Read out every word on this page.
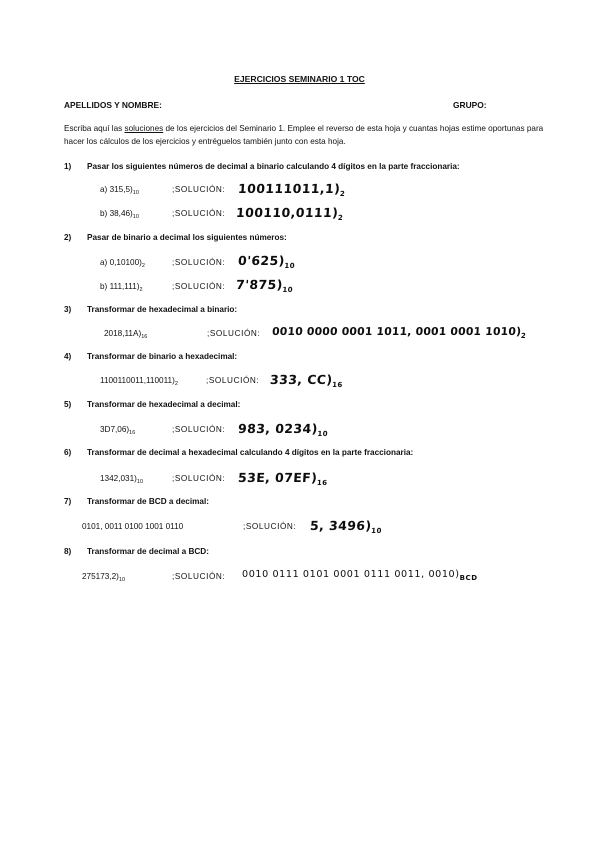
EJERCICIOS SEMINARIO 1 TOC
APELLIDOS Y NOMBRE:	GRUPO:
Escriba aquí las soluciones de los ejercicios del Seminario 1. Emplee el reverso de esta hoja y cuantas hojas estime oportunas para hacer los cálculos de los ejercicios y entréguelos también junto con esta hoja.
1) Pasar los siguientes números de decimal a binario calculando 4 dígitos en la parte fraccionaria:
a) $315,5)_{10}$	;SOLUCIÓN: $100111011,1)_2$
b) $38,46)_{10}$	;SOLUCIÓN: $100110,0111)_2$
2) Pasar de binario a decimal los siguientes números:
a) $0,10100)_2$	;SOLUCIÓN: $0'625)_{10}$
b) $111,111)_2$	;SOLUCIÓN: $7'875)_{10}$
3) Transformar de hexadecimal a binario:
$2018,11A)_{16}$	;SOLUCIÓN: 0010 0000 0001 1011, 0001 0001 $1010)_2$
4) Transformar de binario a hexadecimal:
$1100110011,110011)_2$	;SOLUCIÓN: 333, $CC)_{16}$
5) Transformar de hexadecimal a decimal:
$3D7,06)_{16}$	;SOLUCIÓN: 983, $0234)_{10}$
6) Transformar de decimal a hexadecimal calculando 4 dígitos en la parte fraccionaria:
$1342,031)_{10}$	;SOLUCIÓN: 53E, $07EF)_{16}$
7) Transformar de BCD a decimal:
0101, 0011 0100 1001 0110	;SOLUCIÓN: 5, $3496)_{10}$
8) Transformar de decimal a BCD:
$275173,2)_{10}$	;SOLUCIÓN: 0010 0111 0101 0001 0111 0011, $0010)_{BCD}$
